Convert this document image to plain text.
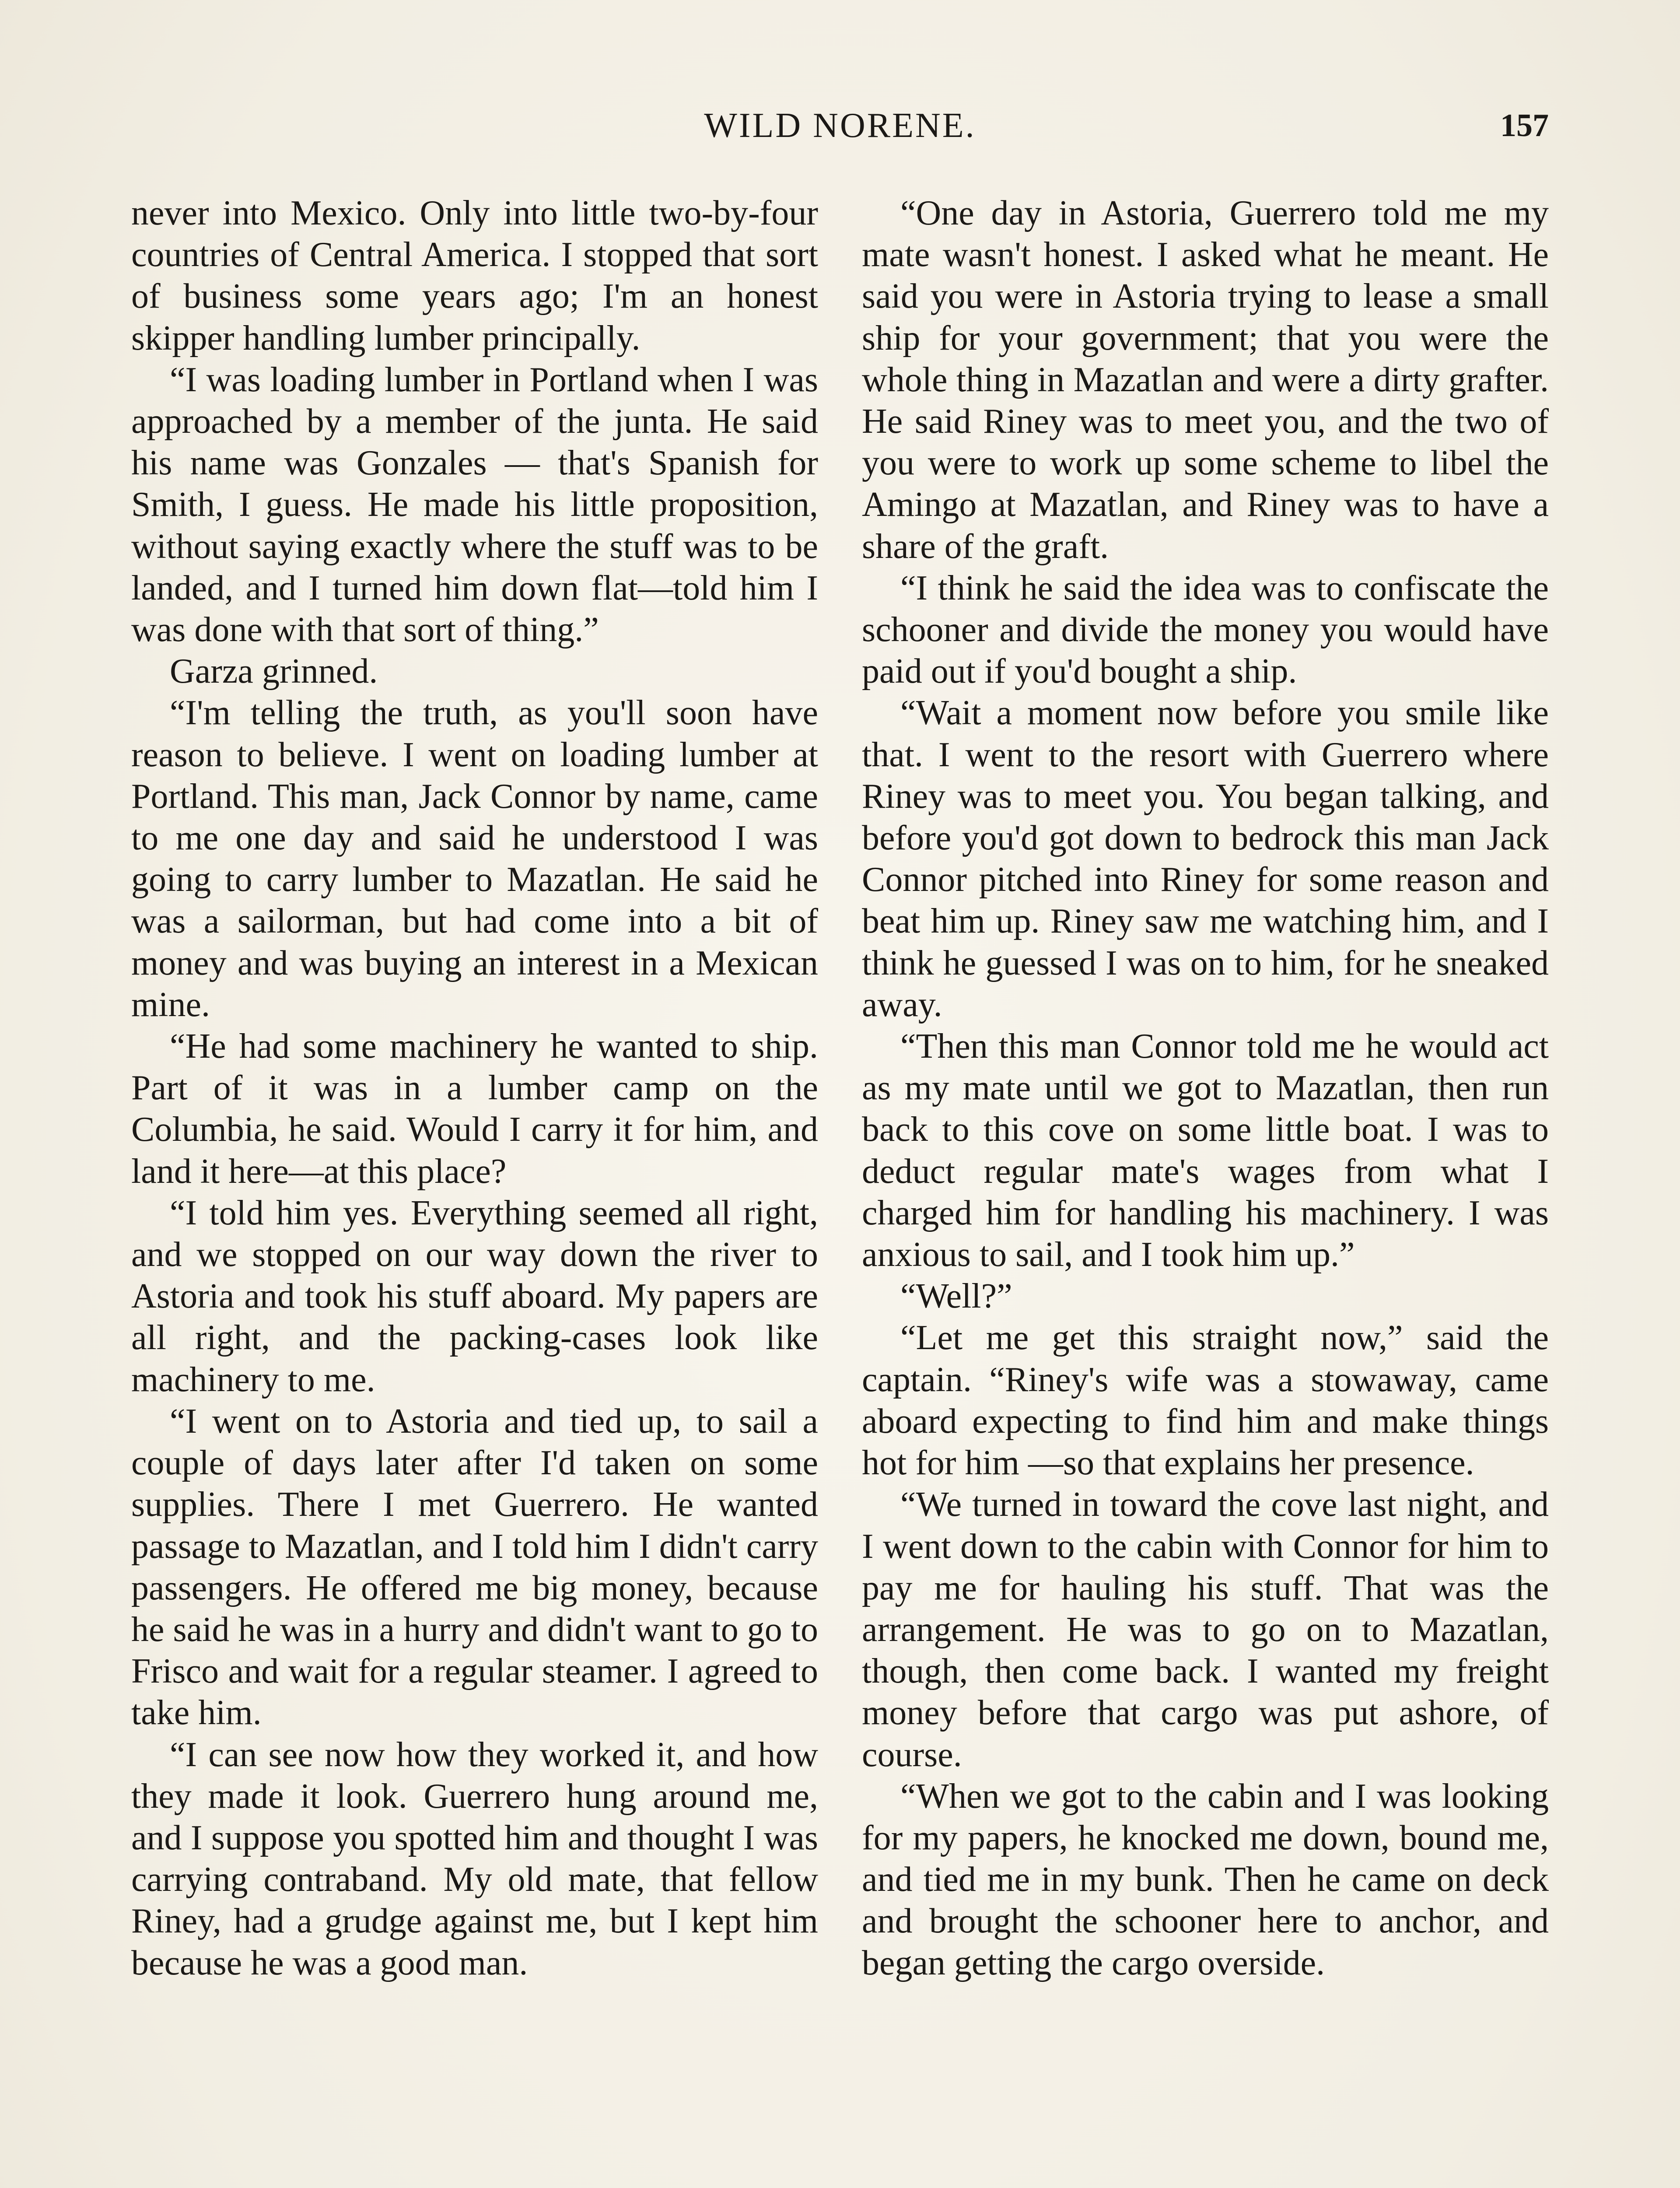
WILD NORENE.	157

never into Mexico. Only into little two-by-four countries of Central America. I stopped that sort of business some years ago; I'm an honest skipper handling lumber principally.

“I was loading lumber in Portland when I was approached by a member of the junta. He said his name was Gonzales — that's Spanish for Smith, I guess. He made his little proposition, without saying exactly where the stuff was to be landed, and I turned him down flat—told him I was done with that sort of thing.”

Garza grinned.

“I'm telling the truth, as you'll soon have reason to believe. I went on loading lumber at Portland. This man, Jack Connor by name, came to me one day and said he understood I was going to carry lumber to Mazatlan. He said he was a sailorman, but had come into a bit of money and was buying an interest in a Mexican mine.

“He had some machinery he wanted to ship. Part of it was in a lumber camp on the Columbia, he said. Would I carry it for him, and land it here—at this place?

“I told him yes. Everything seemed all right, and we stopped on our way down the river to Astoria and took his stuff aboard. My papers are all right, and the packing-cases look like machinery to me.

“I went on to Astoria and tied up, to sail a couple of days later after I'd taken on some supplies. There I met Guerrero. He wanted passage to Mazatlan, and I told him I didn't carry passengers. He offered me big money, because he said he was in a hurry and didn't want to go to Frisco and wait for a regular steamer. I agreed to take him.

“I can see now how they worked it, and how they made it look. Guerrero hung around me, and I suppose you spotted him and thought I was carrying contraband. My old mate, that fellow Riney, had a grudge against me, but I kept him because he was a good man.

“One day in Astoria, Guerrero told me my mate wasn't honest. I asked what he meant. He said you were in Astoria trying to lease a small ship for your government; that you were the whole thing in Mazatlan and were a dirty grafter. He said Riney was to meet you, and the two of you were to work up some scheme to libel the Amingo at Mazatlan, and Riney was to have a share of the graft.

“I think he said the idea was to confiscate the schooner and divide the money you would have paid out if you'd bought a ship.

“Wait a moment now before you smile like that. I went to the resort with Guerrero where Riney was to meet you. You began talking, and before you'd got down to bedrock this man Jack Connor pitched into Riney for some reason and beat him up. Riney saw me watching him, and I think he guessed I was on to him, for he sneaked away.

“Then this man Connor told me he would act as my mate until we got to Mazatlan, then run back to this cove on some little boat. I was to deduct regular mate's wages from what I charged him for handling his machinery. I was anxious to sail, and I took him up.”

“Well?”

“Let me get this straight now,” said the captain. “Riney's wife was a stowaway, came aboard expecting to find him and make things hot for him —so that explains her presence.

“We turned in toward the cove last night, and I went down to the cabin with Connor for him to pay me for hauling his stuff. That was the arrangement. He was to go on to Mazatlan, though, then come back. I wanted my freight money before that cargo was put ashore, of course.

“When we got to the cabin and I was looking for my papers, he knocked me down, bound me, and tied me in my bunk. Then he came on deck and brought the schooner here to anchor, and began getting the cargo overside.
